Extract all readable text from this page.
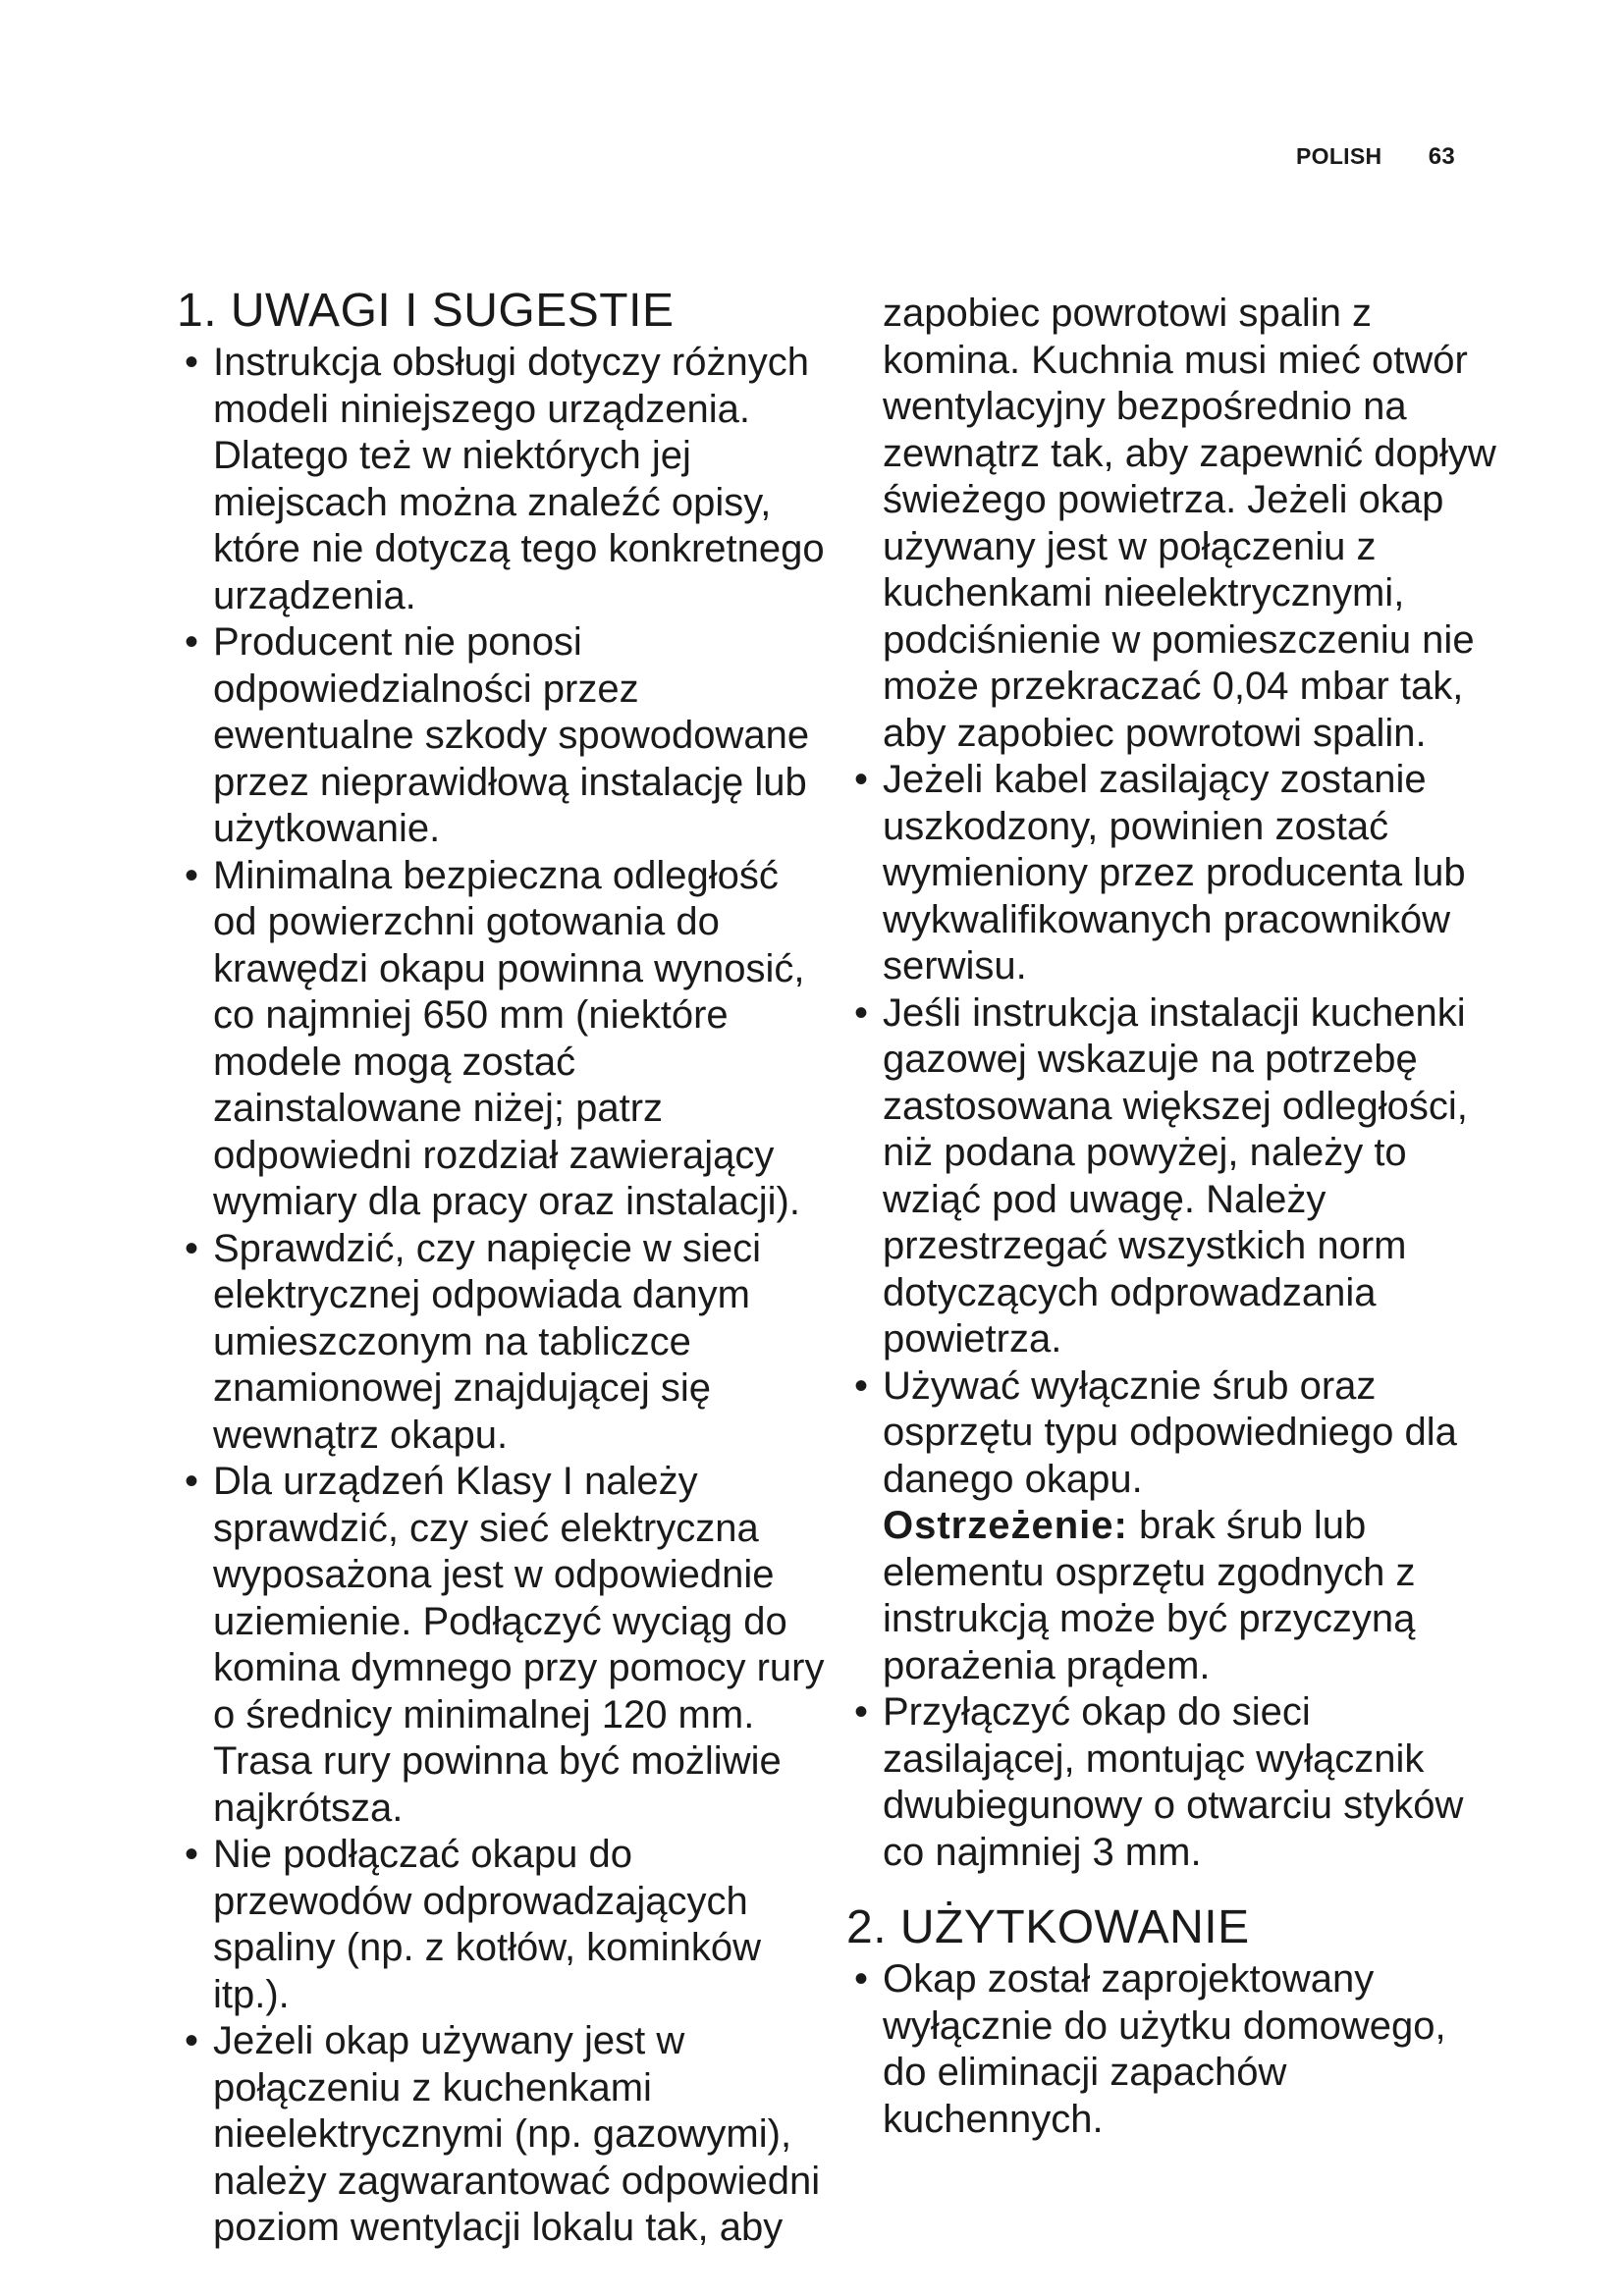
POLISH 63
1. UWAGI I SUGESTIE
• Instrukcja obsługi dotyczy różnych modeli niniejszego urządzenia. Dlatego też w niektórych jej miejscach można znaleźć opisy, które nie dotyczą tego konkretnego urządzenia.
• Producent nie ponosi odpowiedzialności przez ewentualne szkody spowodowane przez nieprawidłową instalację lub użytkowanie.
• Minimalna bezpieczna odległość od powierzchni gotowania do krawędzi okapu powinna wynosić, co najmniej 650 mm (niektóre modele mogą zostać zainstalowane niżej; patrz odpowiedni rozdział zawierający wymiary dla pracy oraz instalacji).
• Sprawdzić, czy napięcie w sieci elektrycznej odpowiada danym umieszczonym na tabliczce znamionowej znajdującej się wewnątrz okapu.
• Dla urządzeń Klasy I należy sprawdzić, czy sieć elektryczna wyposażona jest w odpowiednie uziemienie. Podłączyć wyciąg do komina dymnego przy pomocy rury o średnicy minimalnej 120 mm. Trasa rury powinna być możliwie najkrótsza.
• Nie podłączać okapu do przewodów odprowadzających spaliny (np. z kotłów, kominków itp.).
• Jeżeli okap używany jest w połączeniu z kuchenkami nieelektrycznymi (np. gazowymi), należy zagwarantować odpowiedni poziom wentylacji lokalu tak, aby
zapobiec powrotowi spalin z komina. Kuchnia musi mieć otwór wentylacyjny bezpośrednio na zewnątrz tak, aby zapewnić dopływ świeżego powietrza. Jeżeli okap używany jest w połączeniu z kuchenkami nieelektrycznymi, podciśnienie w pomieszczeniu nie może przekraczać 0,04 mbar tak, aby zapobiec powrotowi spalin.
• Jeżeli kabel zasilający zostanie uszkodzony, powinien zostać wymieniony przez producenta lub wykwalifikowanych pracowników serwisu.
• Jeśli instrukcja instalacji kuchenki gazowej wskazuje na potrzebę zastosowana większej odległości, niż podana powyżej, należy to wziąć pod uwagę. Należy przestrzegać wszystkich norm dotyczących odprowadzania powietrza.
• Używać wyłącznie śrub oraz osprzętu typu odpowiedniego dla danego okapu.
Ostrzeżenie: brak śrub lub elementu osprzętu zgodnych z instrukcją może być przyczyną porażenia prądem.
• Przyłączyć okap do sieci zasilającej, montując wyłącznik dwubiegunowy o otwarciu styków co najmniej 3 mm.
2. UŻYTKOWANIE
• Okap został zaprojektowany wyłącznie do użytku domowego, do eliminacji zapachów kuchennych.
